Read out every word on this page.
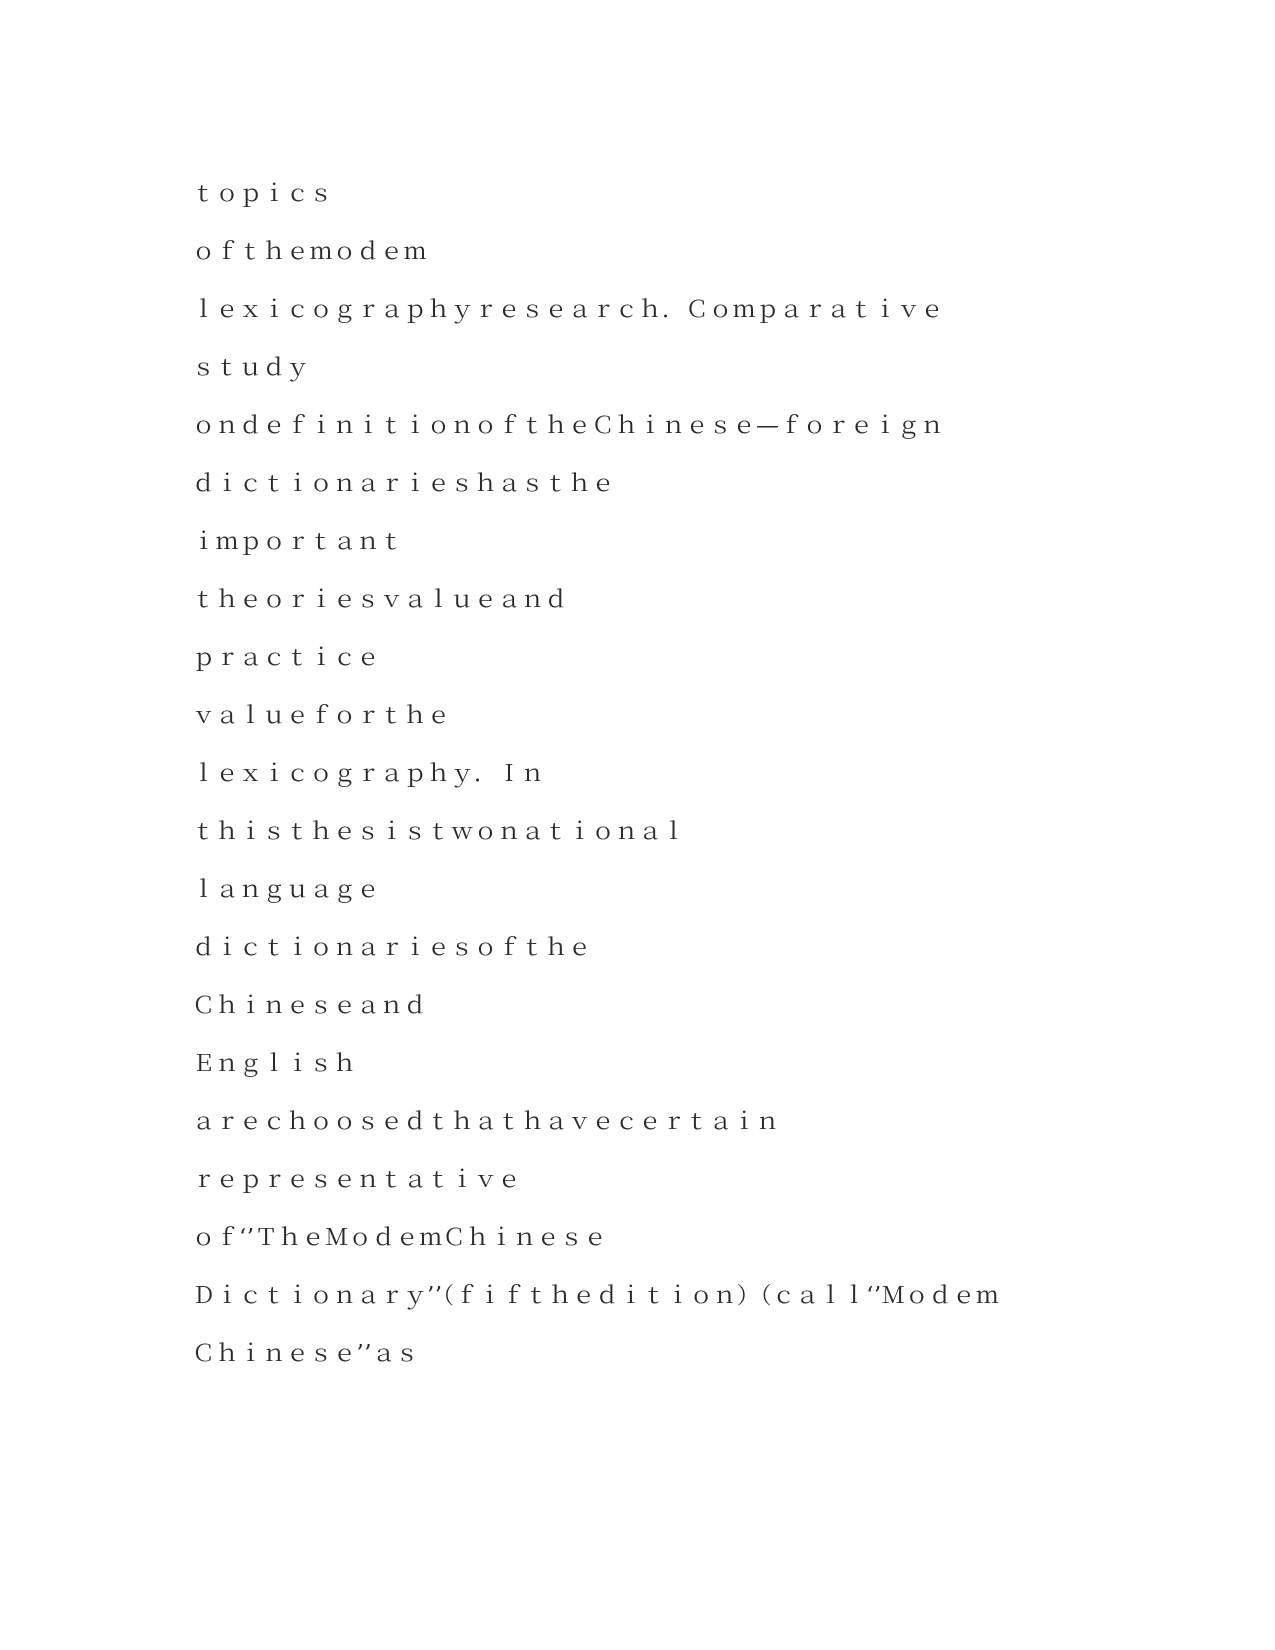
ｔｏｐｉｃｓ

ｏｆｔｈｅｍｏｄｅｍ

ｌｅｘｉｃｏｇｒａｐｈｙｒｅｓｅａｒｃｈ．Ｃｏｍｐａｒａｔｉｖｅ

ｓｔｕｄｙ

ｏｎｄｅｆｉｎｉｔｉｏｎｏｆｔｈｅＣｈｉｎｅｓｅ—ｆｏｒｅｉｇｎ

ｄｉｃｔｉｏｎａｒｉｅｓｈａｓｔｈｅ

ｉｍｐｏｒｔａｎｔ

ｔｈｅｏｒｉｅｓｖａｌｕｅａｎｄ

ｐｒａｃｔｉｃｅ

ｖａｌｕｅｆｏｒｔｈｅ

ｌｅｘｉｃｏｇｒａｐｈｙ．Ｉｎ

ｔｈｉｓｔｈｅｓｉｓｔｗｏｎａｔｉｏｎａｌ

ｌａｎｇｕａｇｅ

ｄｉｃｔｉｏｎａｒｉｅｓｏｆｔｈｅ

Ｃｈｉｎｅｓｅａｎｄ

Ｅｎｇｌｉｓｈ

ａｒｅｃｈｏｏｓｅｄｔｈａｔｈａｖｅｃｅｒｔａｉｎ

ｒｅｐｒｅｓｅｎｔａｔｉｖｅ

ｏｆ‘’ＴｈｅＭｏｄｅｍＣｈｉｎｅｓｅ

Ｄｉｃｔｉｏｎａｒｙ’’（ｆｉｆｔｈｅｄｉｔｉｏｎ）（ｃａｌｌ‘’Ｍｏｄｅｍ

Ｃｈｉｎｅｓｅ’’ａｓ
